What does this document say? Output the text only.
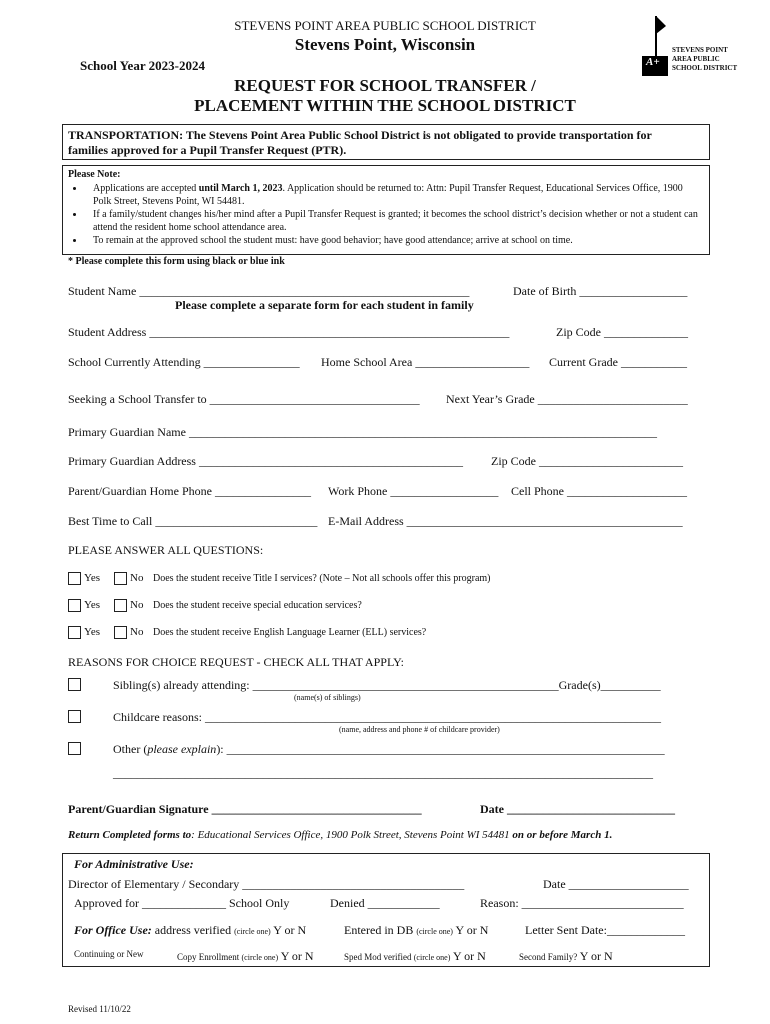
STEVENS POINT AREA PUBLIC SCHOOL DISTRICT
Stevens Point, Wisconsin
School Year 2023-2024
REQUEST FOR SCHOOL TRANSFER /
PLACEMENT WITHIN THE SCHOOL DISTRICT
A+
STEVENS POINT
AREA PUBLIC
SCHOOL DISTRICT
TRANSPORTATION: The Stevens Point Area Public School District is not obligated to provide transportation for
families approved for a Pupil Transfer Request (PTR).
Please Note:
• Applications are accepted until March 1, 2023. Application should be returned to: Attn: Pupil Transfer Request, Educational Services Office, 1900 Polk Street, Stevens Point, WI 54481.
• If a family/student changes his/her mind after a Pupil Transfer Request is granted; it becomes the school district’s decision whether or not a student can attend the resident home school attendance area.
• To remain at the approved school the student must: have good behavior; have good attendance; arrive at school on time.
* Please complete this form using black or blue ink
Student Name _______________________________________________________	Date of Birth __________________
Please complete a separate form for each student in family
Student Address ____________________________________________________________	Zip Code ______________
School Currently Attending ________________ Home School Area ___________________ Current Grade ___________
Seeking a School Transfer to ___________________________________ Next Year’s Grade _________________________
Primary Guardian Name ______________________________________________________________________________
Primary Guardian Address ____________________________________________ Zip Code ________________________
Parent/Guardian Home Phone ________________ Work Phone __________________ Cell Phone ____________________
Best Time to Call ___________________________ E-Mail Address ______________________________________________
PLEASE ANSWER ALL QUESTIONS:
Yes	No Does the student receive Title I services? (Note – Not all schools offer this program)
Yes	No Does the student receive special education services?
Yes	No Does the student receive English Language Learner (ELL) services?
REASONS FOR CHOICE REQUEST - CHECK ALL THAT APPLY:
Sibling(s) already attending: ___________________________________________________Grade(s)__________
(name(s) of siblings)
Childcare reasons: ____________________________________________________________________________
(name, address and phone # of childcare provider)
Other (please explain): _________________________________________________________________________
__________________________________________________________________________________________
Parent/Guardian Signature ___________________________________	Date ____________________________
Return Completed forms to: Educational Services Office, 1900 Polk Street, Stevens Point WI 54481 on or before March 1.
For Administrative Use:
Director of Elementary / Secondary _____________________________________	Date ____________________
Approved for ______________ School Only	Denied ____________	Reason: ___________________________
For Office Use: address verified (circle one) Y or N	Entered in DB (circle one) Y or N	Letter Sent Date:_____________
Continuing or New	Copy Enrollment (circle one) Y or N	Sped Mod verified (circle one) Y or N	Second Family? Y or N
Revised 11/10/22
